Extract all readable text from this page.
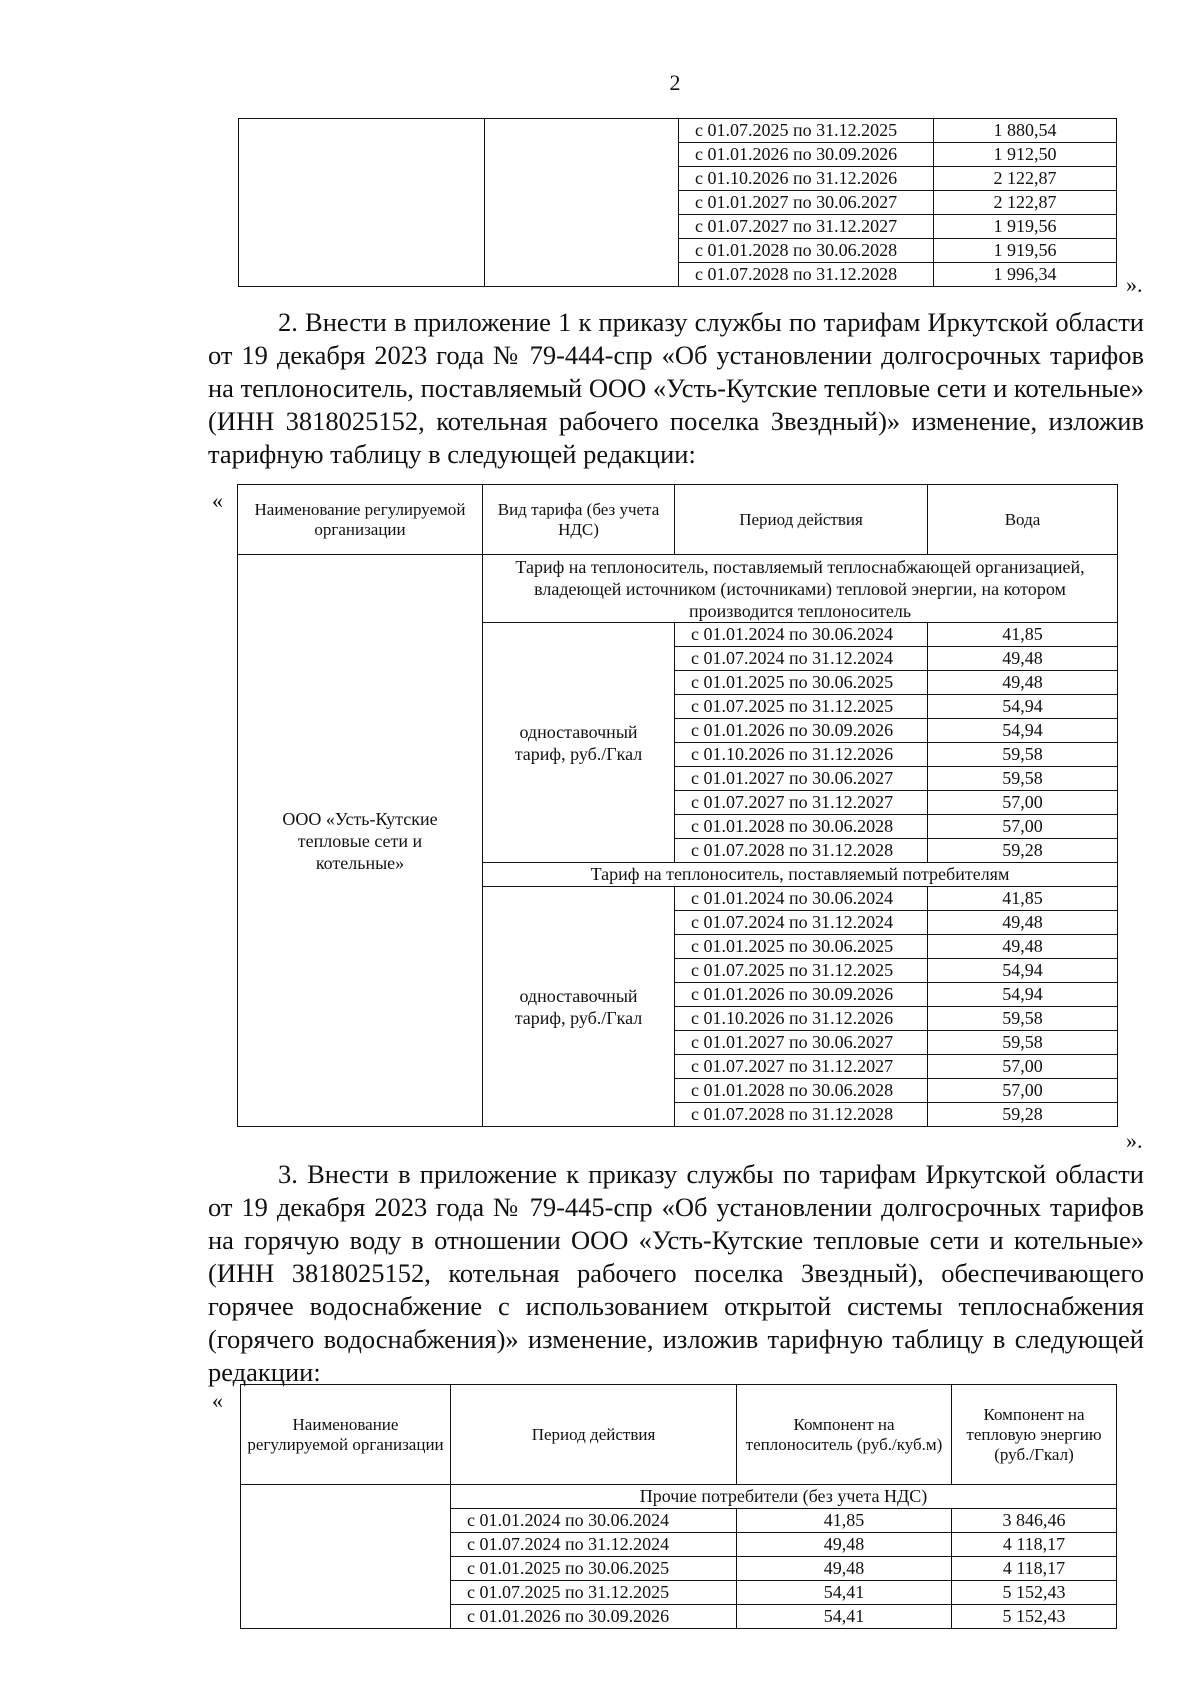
2
		с 01.07.2025 по 31.12.2025	1 880,54
		с 01.01.2026 по 30.09.2026	1 912,50
		с 01.10.2026 по 31.12.2026	2 122,87
		с 01.01.2027 по 30.06.2027	2 122,87
		с 01.07.2027 по 31.12.2027	1 919,56
		с 01.01.2028 по 30.06.2028	1 919,56
		с 01.07.2028 по 31.12.2028	1 996,34	».

2. Внести в приложение 1 к приказу службы по тарифам Иркутской области от 19 декабря 2023 года № 79-444-спр «Об установлении долгосрочных тарифов на теплоноситель, поставляемый ООО «Усть-Кутские тепловые сети и котельные» (ИНН 3818025152, котельная рабочего поселка Звездный)» изменение, изложив тарифную таблицу в следующей редакции:

« Наименование регулируемой организации	Вид тарифа (без учета НДС)	Период действия	Вода
ООО «Усть-Кутские тепловые сети и котельные»	Тариф на теплоноситель, поставляемый теплоснабжающей организацией, владеющей источником (источниками) тепловой энергии, на котором производится теплоноситель		
	одноставочный тариф, руб./Гкал	с 01.01.2024 по 30.06.2024	41,85
		с 01.07.2024 по 31.12.2024	49,48
		с 01.01.2025 по 30.06.2025	49,48
		с 01.07.2025 по 31.12.2025	54,94
		с 01.01.2026 по 30.09.2026	54,94
		с 01.10.2026 по 31.12.2026	59,58
		с 01.01.2027 по 30.06.2027	59,58
		с 01.07.2027 по 31.12.2027	57,00
		с 01.01.2028 по 30.06.2028	57,00
		с 01.07.2028 по 31.12.2028	59,28
	Тариф на теплоноситель, поставляемый потребителям		
	одноставочный тариф, руб./Гкал	с 01.01.2024 по 30.06.2024	41,85
		с 01.07.2024 по 31.12.2024	49,48
		с 01.01.2025 по 30.06.2025	49,48
		с 01.07.2025 по 31.12.2025	54,94
		с 01.01.2026 по 30.09.2026	54,94
		с 01.10.2026 по 31.12.2026	59,58
		с 01.01.2027 по 30.06.2027	59,58
		с 01.07.2027 по 31.12.2027	57,00
		с 01.01.2028 по 30.06.2028	57,00
		с 01.07.2028 по 31.12.2028	59,28
».

3. Внести в приложение к приказу службы по тарифам Иркутской области от 19 декабря 2023 года № 79-445-спр «Об установлении долгосрочных тарифов на горячую воду в отношении ООО «Усть-Кутские тепловые сети и котельные» (ИНН 3818025152, котельная рабочего поселка Звездный), обеспечивающего горячее водоснабжение с использованием открытой системы теплоснабжения (горячего водоснабжения)» изменение, изложив тарифную таблицу в следующей редакции:

«
Наименование регулируемой организации	Период действия	Компонент на теплоноситель (руб./куб.м)	Компонент на тепловую энергию (руб./Гкал)
	Прочие потребители (без учета НДС)		
	с 01.01.2024 по 30.06.2024	41,85	3 846,46
	с 01.07.2024 по 31.12.2024	49,48	4 118,17
	с 01.01.2025 по 30.06.2025	49,48	4 118,17
	с 01.07.2025 по 31.12.2025	54,41	5 152,43
	с 01.01.2026 по 30.09.2026	54,41	5 152,43
